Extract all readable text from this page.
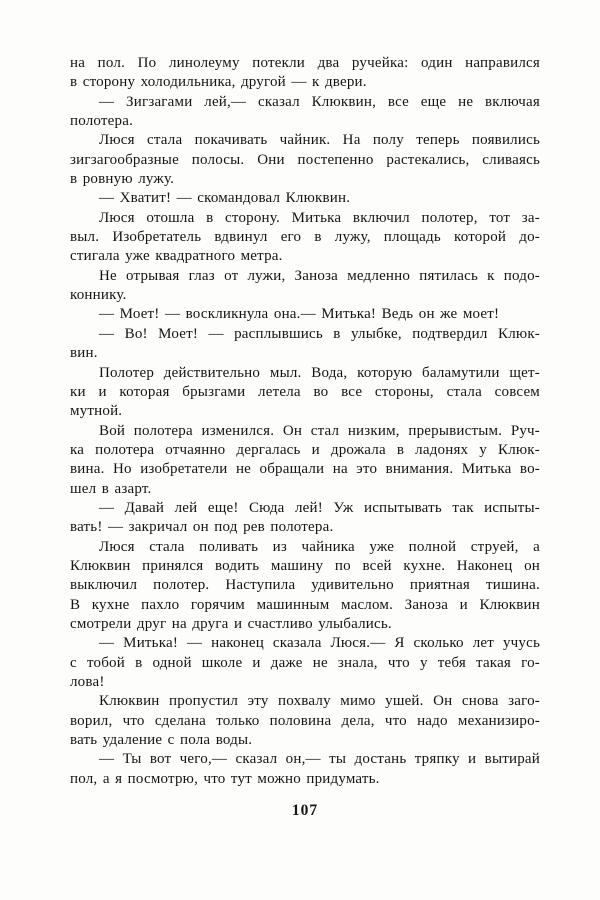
на пол. По линолеуму потекли два ручейка: один направился
в сторону холодильника, другой — к двери.
— Зигзагами лей,— сказал Клюквин, все еще не включая
полотера.
Люся стала покачивать чайник. На полу теперь появились
зигзагообразные полосы. Они постепенно растекались, сливаясь
в ровную лужу.
— Хватит! — скомандовал Клюквин.
Люся отошла в сторону. Митька включил полотер, тот за-
выл. Изобретатель вдвинул его в лужу, площадь которой до-
стигала уже квадратного метра.
Не отрывая глаз от лужи, Заноза медленно пятилась к подо-
коннику.
— Моет! — воскликнула она.— Митька! Ведь он же моет!
— Во! Моет! — расплывшись в улыбке, подтвердил Клюк-
вин.
Полотер действительно мыл. Вода, которую баламутили щет-
ки и которая брызгами летела во все стороны, стала совсем
мутной.
Вой полотера изменился. Он стал низким, прерывистым. Руч-
ка полотера отчаянно дергалась и дрожала в ладонях у Клюк-
вина. Но изобретатели не обращали на это внимания. Митька во-
шел в азарт.
— Давай лей еще! Сюда лей! Уж испытывать так испыты-
вать! — закричал он под рев полотера.
Люся стала поливать из чайника уже полной струей, а
Клюквин принялся водить машину по всей кухне. Наконец он
выключил полотер. Наступила удивительно приятная тишина.
В кухне пахло горячим машинным маслом. Заноза и Клюквин
смотрели друг на друга и счастливо улыбались.
— Митька! — наконец сказала Люся.— Я сколько лет учусь
с тобой в одной школе и даже не знала, что у тебя такая го-
лова!
Клюквин пропустил эту похвалу мимо ушей. Он снова заго-
ворил, что сделана только половина дела, что надо механизиро-
вать удаление с пола воды.
— Ты вот чего,— сказал он,— ты достань тряпку и вытирай
пол, а я посмотрю, что тут можно придумать.
107
